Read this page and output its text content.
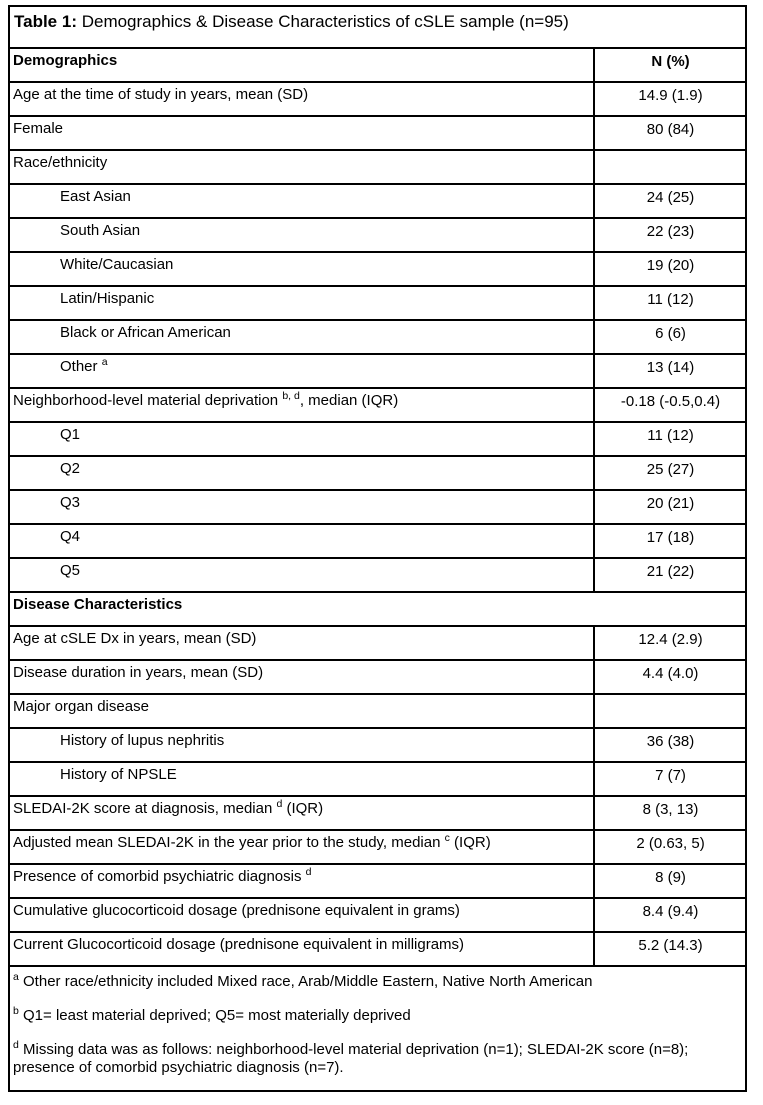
Table 1: Demographics & Disease Characteristics of cSLE sample (n=95)	
Demographics	N (%)
Age at the time of study in years, mean (SD)	14.9 (1.9)
Female	80 (84)
Race/ethnicity	
East Asian	24 (25)
South Asian	22 (23)
White/Caucasian	19 (20)
Latin/Hispanic	11 (12)
Black or African American	6 (6)
Other $^a$	13 (14)
Neighborhood-level material deprivation $^{b, d}$, median (IQR)	-0.18 (-0.5,0.4)
Q1	11 (12)
Q2	25 (27)
Q3	20 (21)
Q4	17 (18)
Q5	21 (22)
Disease Characteristics	
Age at cSLE Dx in years, mean (SD)	12.4 (2.9)
Disease duration in years, mean (SD)	4.4 (4.0)
Major organ disease	
History of lupus nephritis	36 (38)
History of NPSLE	7 (7)
SLEDAI-2K score at diagnosis, median $^d$ (IQR)	8 (3, 13)
Adjusted mean SLEDAI-2K in the year prior to the study, median $^c$ (IQR)	2 (0.63, 5)
Presence of comorbid psychiatric diagnosis $^d$	8 (9)
Cumulative glucocorticoid dosage (prednisone equivalent in grams)	8.4 (9.4)
Current Glucocorticoid dosage (prednisone equivalent in milligrams)	5.2 (14.3)

$^a$ Other race/ethnicity included Mixed race, Arab/Middle Eastern, Native North American

$^b$ Q1= least material deprived; Q5= most materially deprived

$^d$ Missing data was as follows: neighborhood-level material deprivation (n=1); SLEDAI-2K score (n=8); presence of comorbid psychiatric diagnosis (n=7).	
